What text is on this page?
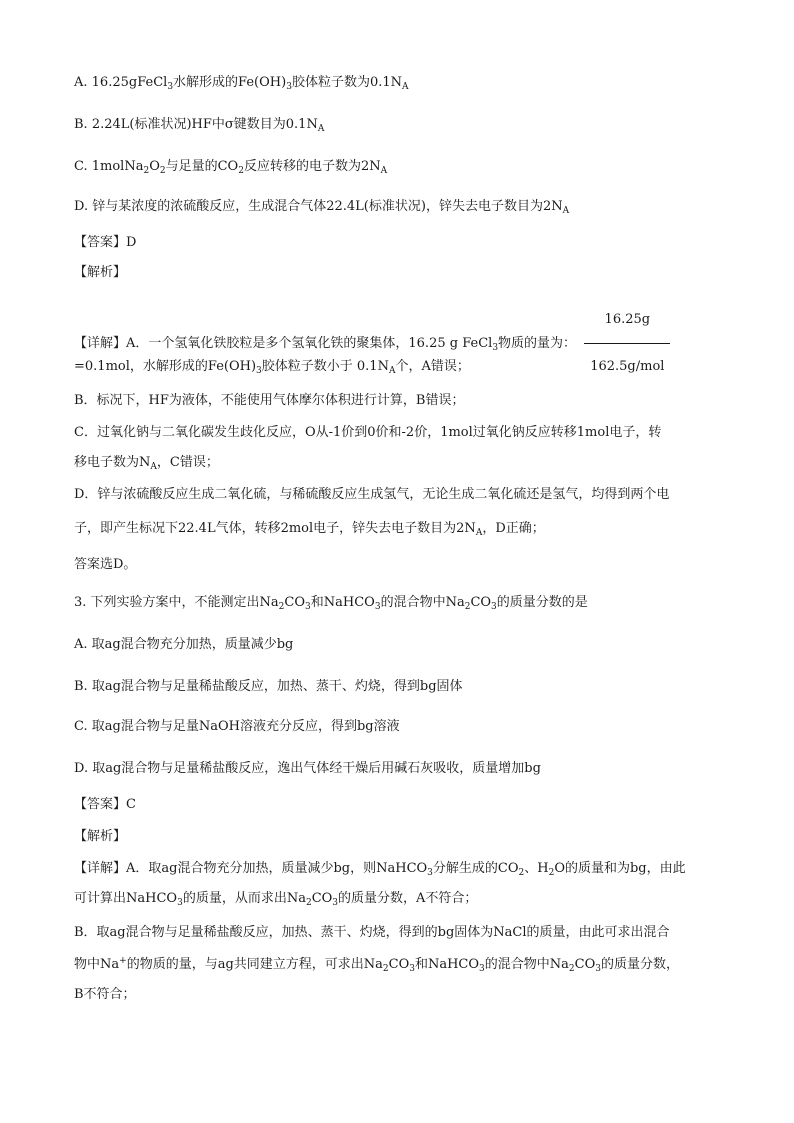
A. 16.25gFeCl$_3$水解形成的$Fe(OH)_3$胶体粒子数为$0.1N_A$
B. 2.24L(标准状况)HF中σ键数目为$0.1N_A$
C. $1molNa_2O_2$与足量的$CO_2$反应转移的电子数为$2N_A$
D. 锌与某浓度的浓硫酸反应，生成混合气体22.4L(标准状况)，锌失去电子数目为$2N_A$
【答案】D
【解析】
【详解】A．一个氢氧化铁胶粒是多个氢氧化铁的聚集体，16.25 g FeCl$_3$物质的量为： $\frac{16.25g}{\text{162.5g/mol}}$
=0.1mol，水解形成的$Fe(OH)_3$胶体粒子数小于 $0.1N_A$个，A错误；
B．标况下，HF为液体，不能使用气体摩尔体积进行计算，B错误；
C．过氧化钠与二氧化碳发生歧化反应，O从-1价到0价和-2价，1mol过氧化钠反应转移1mol电子，转
移电子数为$N_A$，C错误；
D．锌与浓硫酸反应生成二氧化硫，与稀硫酸反应生成氢气，无论生成二氧化硫还是氢气，均得到两个电
子，即产生标况下22.4L气体，转移2mol电子，锌失去电子数目为$2N_A$，D正确；
答案选D。
3. 下列实验方案中，不能测定出$Na_2CO_3$和NaHCO$_3$的混合物中$Na_2CO_3$的质量分数的是
A. 取ag混合物充分加热，质量减少bg
B. 取ag混合物与足量稀盐酸反应，加热、蒸干、灼烧，得到bg固体
C. 取ag混合物与足量NaOH溶液充分反应，得到bg溶液
D. 取ag混合物与足量稀盐酸反应，逸出气体经干燥后用碱石灰吸收，质量增加bg
【答案】C
【解析】
【详解】A．取ag混合物充分加热，质量减少bg，则NaHCO$_3$分解生成的$CO_2$、$H_2O$的质量和为bg，由此
可计算出NaHCO$_3$的质量，从而求出$Na_2CO_3$的质量分数，A不符合；
B．取ag混合物与足量稀盐酸反应，加热、蒸干、灼烧，得到的bg固体为NaCl的质量，由此可求出混合
物中Na+的物质的量，与ag共同建立方程，可求出$Na_2CO_3$和NaHCO$_3$的混合物中$Na_2CO_3$的质量分数，
B不符合；
